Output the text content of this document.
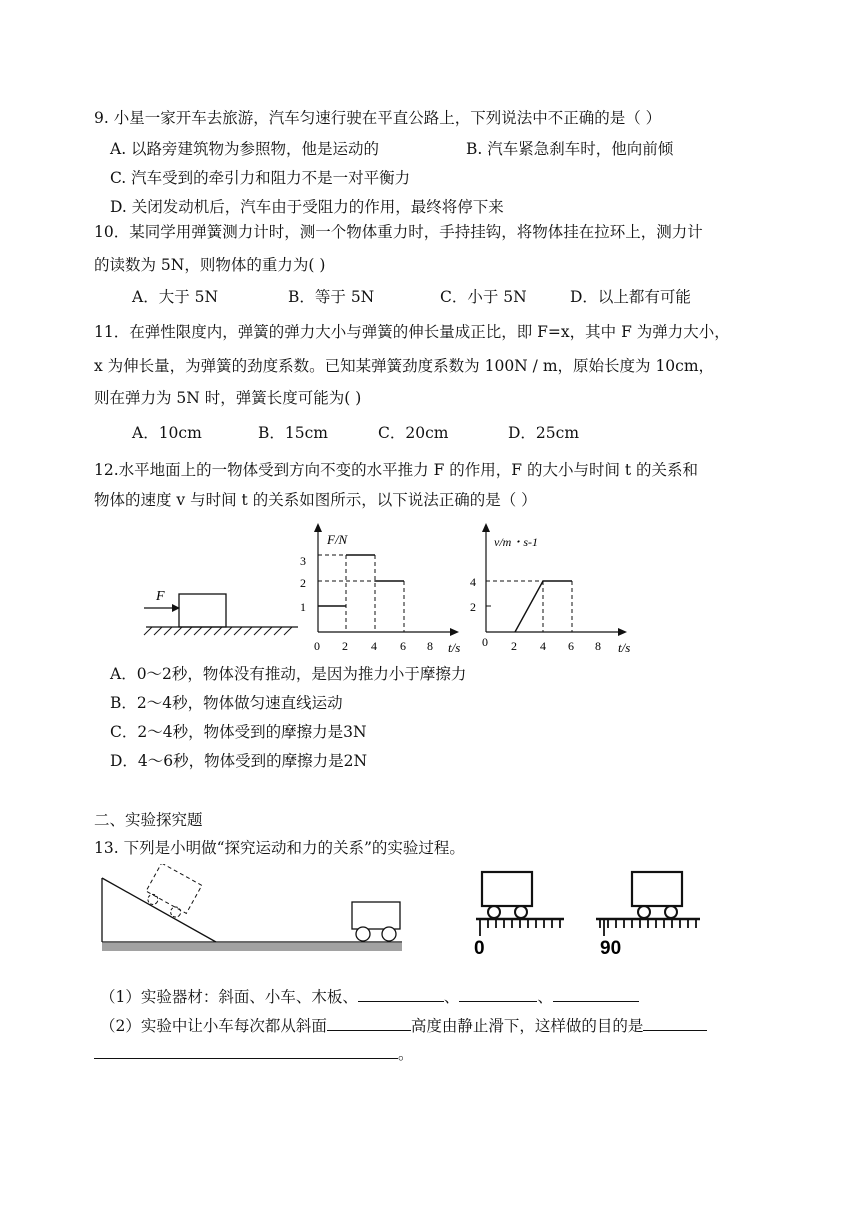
9. 小星一家开车去旅游，汽车匀速行驶在平直公路上，下列说法中不正确的是（ ）
A. 以路旁建筑物为参照物，他是运动的	B. 汽车紧急刹车时，他向前倾
C. 汽车受到的牵引力和阻力不是一对平衡力
D. 关闭发动机后，汽车由于受阻力的作用，最终将停下来
10．某同学用弹簧测力计时，测一个物体重力时，手持挂钩，将物体挂在拉环上，测力计
的读数为 5N，则物体的重力为( )
A．大于 5N	B．等于 5N	C．小于 5N	D．以上都有可能
11．在弹性限度内，弹簧的弹力大小与弹簧的伸长量成正比，即 F=x，其中 F 为弹力大小，
x 为伸长量，为弹簧的劲度系数。已知某弹簧劲度系数为 100N / m，原始长度为 10cm，
则在弹力为 5N 时，弹簧长度可能为( )
A．10cm	B．15cm	C．20cm	D．25cm
12.水平地面上的一物体受到方向不变的水平推力 F 的作用，F 的大小与时间 t 的关系和
物体的速度 v 与时间 t 的关系如图所示，以下说法正确的是（ ）
F
F/N
t/s
3
2
1
0 2 4 6 8
v/m・s-1
t/s
4
2
0 2 4 6 8
A．0～2秒，物体没有推动，是因为推力小于摩擦力
B．2～4秒，物体做匀速直线运动
C．2～4秒，物体受到的摩擦力是3N
D．4～6秒，物体受到的摩擦力是2N
二、实验探究题
13. 下列是小明做“探究运动和力的关系”的实验过程。
0	90
（1）实验器材：斜面、小车、木板、	、	、
（2）实验中让小车每次都从斜面	高度由静止滑下，这样做的目的是
。
